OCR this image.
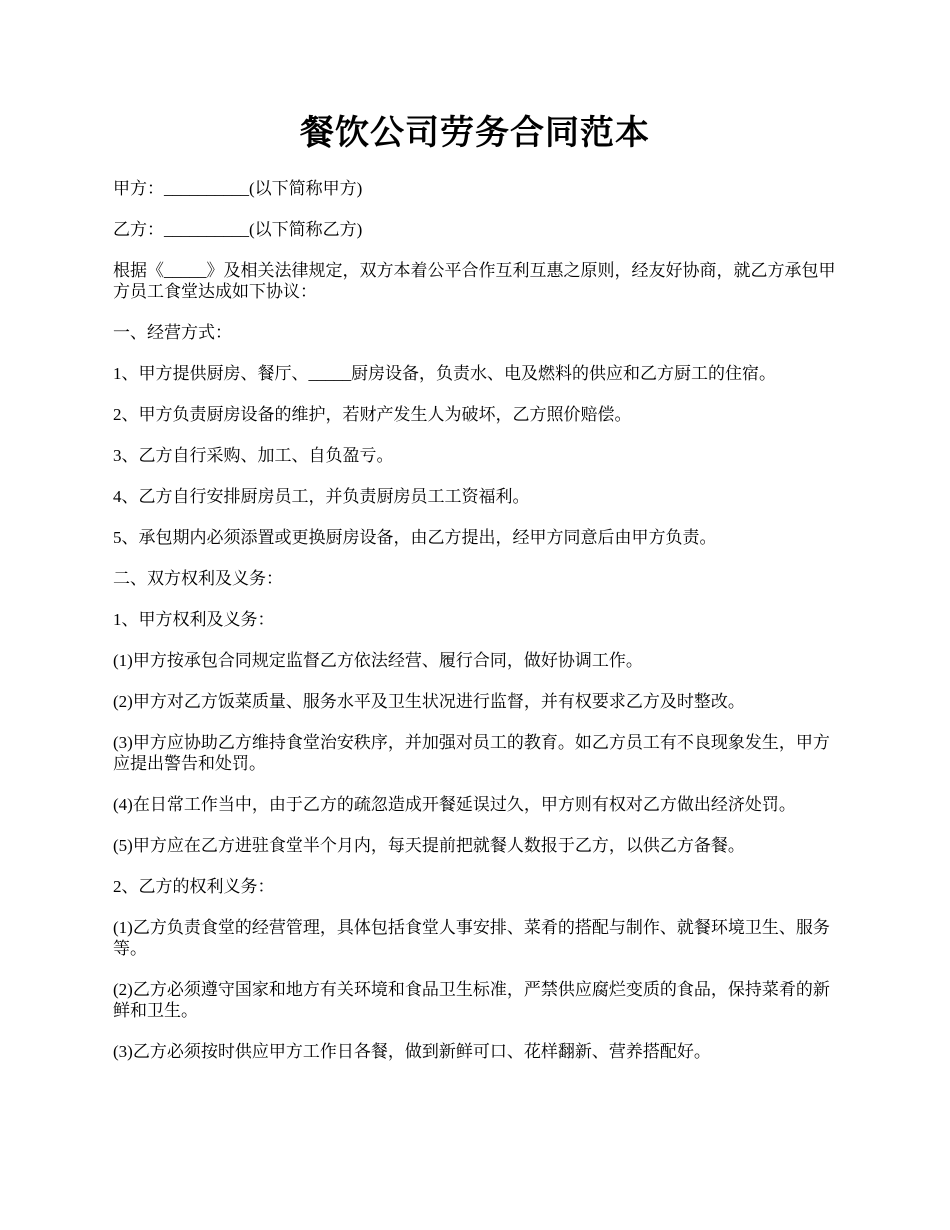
餐饮公司劳务合同范本

甲方：__________(以下简称甲方)

乙方：__________(以下简称乙方)

根据《_____》及相关法律规定，双方本着公平合作互利互惠之原则，经友好协商，就乙方承包甲方员工食堂达成如下协议：

一、经营方式：

1、甲方提供厨房、餐厅、_____厨房设备，负责水、电及燃料的供应和乙方厨工的住宿。

2、甲方负责厨房设备的维护，若财产发生人为破坏，乙方照价赔偿。

3、乙方自行采购、加工、自负盈亏。

4、乙方自行安排厨房员工，并负责厨房员工工资福利。

5、承包期内必须添置或更换厨房设备，由乙方提出，经甲方同意后由甲方负责。

二、双方权利及义务：

1、甲方权利及义务：

(1)甲方按承包合同规定监督乙方依法经营、履行合同，做好协调工作。

(2)甲方对乙方饭菜质量、服务水平及卫生状况进行监督，并有权要求乙方及时整改。

(3)甲方应协助乙方维持食堂治安秩序，并加强对员工的教育。如乙方员工有不良现象发生，甲方应提出警告和处罚。

(4)在日常工作当中，由于乙方的疏忽造成开餐延误过久，甲方则有权对乙方做出经济处罚。

(5)甲方应在乙方进驻食堂半个月内，每天提前把就餐人数报于乙方，以供乙方备餐。

2、乙方的权利义务：

(1)乙方负责食堂的经营管理，具体包括食堂人事安排、菜肴的搭配与制作、就餐环境卫生、服务等。

(2)乙方必须遵守国家和地方有关环境和食品卫生标准，严禁供应腐烂变质的食品，保持菜肴的新鲜和卫生。

(3)乙方必须按时供应甲方工作日各餐，做到新鲜可口、花样翻新、营养搭配好。
